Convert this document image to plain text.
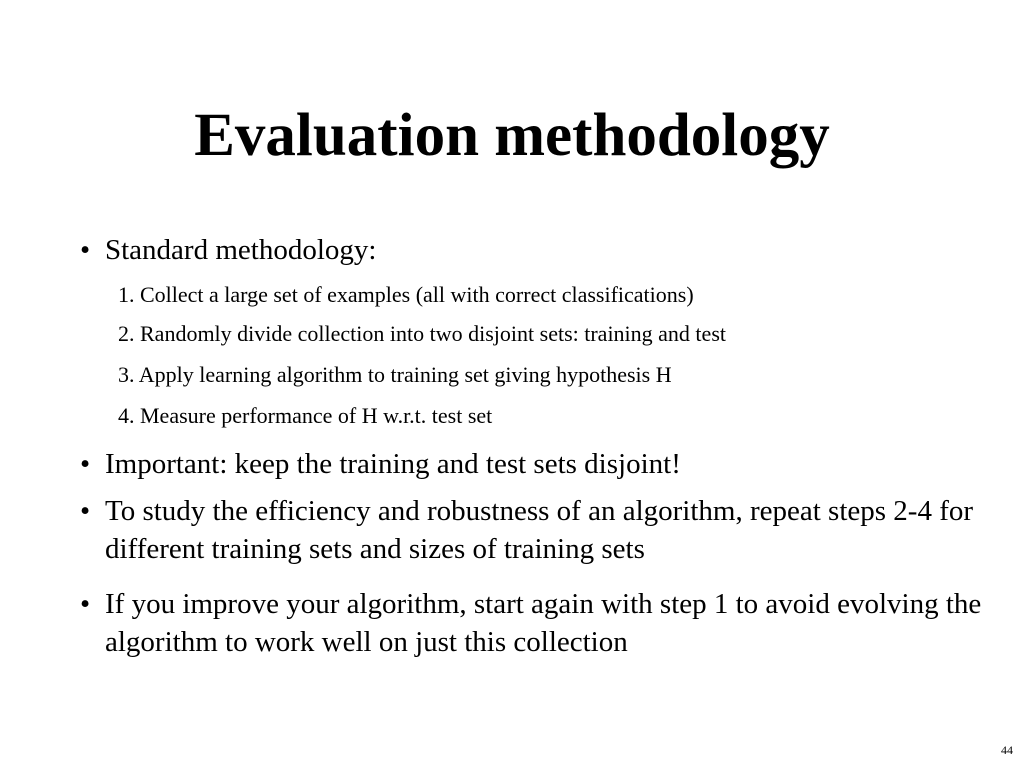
Evaluation methodology
• Standard methodology:
1. Collect a large set of examples (all with correct classifications)
2. Randomly divide collection into two disjoint sets: training and test
3. Apply learning algorithm to training set giving hypothesis H
4. Measure performance of H w.r.t. test set
• Important: keep the training and test sets disjoint!
• To study the efficiency and robustness of an algorithm, repeat steps 2-4 for different training sets and sizes of training sets
• If you improve your algorithm, start again with step 1 to avoid evolving the algorithm to work well on just this collection
44
